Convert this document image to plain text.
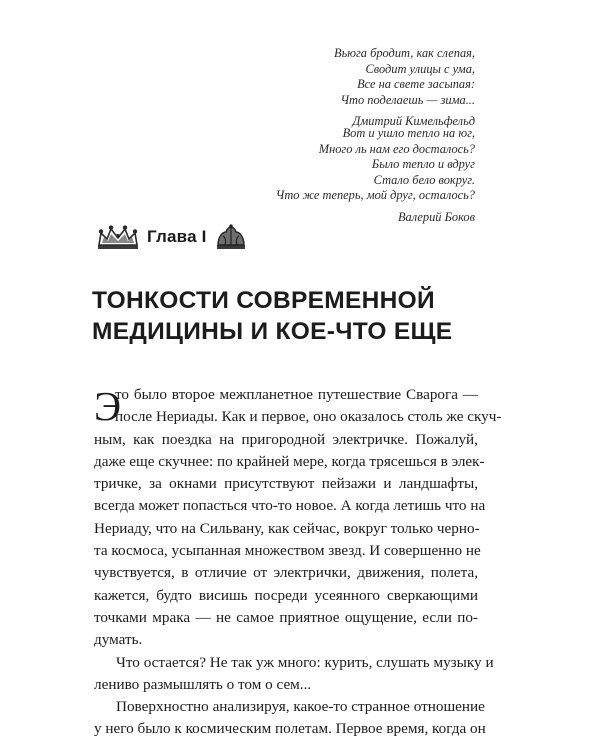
Вьюга бродит, как слепая,
Сводит улицы с ума,
Все на свете засыпая:
Что поделаешь — зима...
Дмитрий Кимельфельд
Вот и ушло тепло на юг,
Много ль нам его досталось?
Было тепло и вдруг
Стало бело вокруг.
Что же теперь, мой друг, осталось?
Валерий Боков
Глава I
ТОНКОСТИ СОВРЕМЕННОЙ
МЕДИЦИНЫ И КОЕ-ЧТО ЕЩЕ
Э
то было второе межпланетное путешествие Сварога —
после Нериады. Как и первое, оно оказалось столь же скуч-
ным, как поездка на пригородной электричке. Пожалуй,
даже еще скучнее: по крайней мере, когда трясешься в элек-
тричке, за окнами присутствуют пейзажи и ландшафты,
всегда может попасться что-то новое. А когда летишь что на
Нериаду, что на Сильвану, как сейчас, вокруг только черно-
та космоса, усыпанная множеством звезд. И совершенно не
чувствуется, в отличие от электрички, движения, полета,
кажется, будто висишь посреди усеянного сверкающими
точками мрака — не самое приятное ощущение, если по-
думать.
Что остается? Не так уж много: курить, слушать музыку и
лениво размышлять о том о сем...
Поверхностно анализируя, какое-то странное отношение
у него было к космическим полетам. Первое время, когда он
